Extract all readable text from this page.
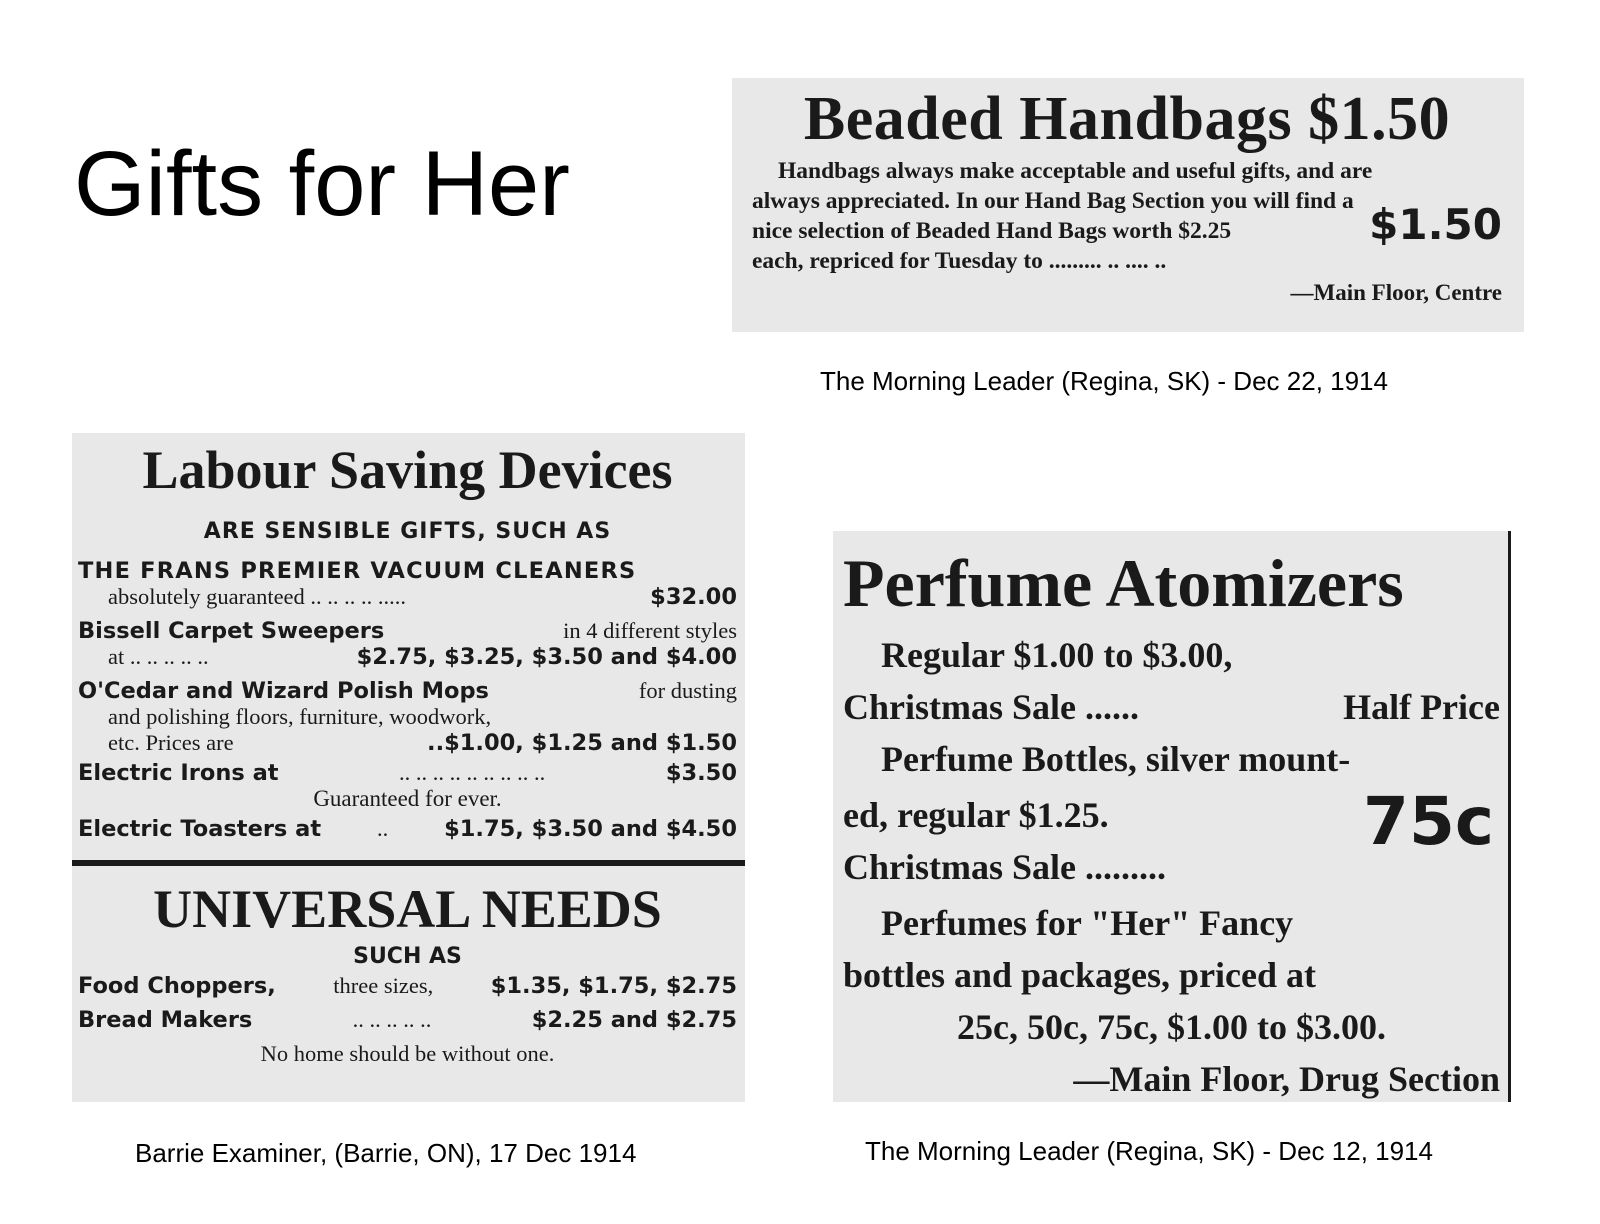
Gifts for Her
Beaded Handbags $1.50
Handbags always make acceptable and useful gifts, and are
always appreciated. In our Hand Bag Section you will find a
nice selection of Beaded Hand Bags worth $2.25
each, repriced for Tuesday to ......... .. .... ..
$1.50
—Main Floor, Centre
The Morning Leader (Regina, SK) - Dec 22, 1914
Labour Saving Devices
ARE SENSIBLE GIFTS, SUCH AS
THE FRANS PREMIER VACUUM CLEANERS
absolutely guaranteed .. .. .. .. .....	$32.00
Bissell Carpet Sweepers	in 4 different styles
at .. .. .. .. ..	$2.75, $3.25, $3.50 and $4.00
O'Cedar and Wizard Polish Mops	for dusting
and polishing floors, furniture, woodwork,
etc. Prices are	..$1.00, $1.25 and $1.50
Electric Irons at	.. .. .. .. .. .. .. .. ..	$3.50
Guaranteed for ever.
Electric Toasters at .. $1.75, $3.50 and $4.50
UNIVERSAL NEEDS
SUCH AS
Food Choppers,	three sizes,	$1.35, $1.75, $2.75
Bread Makers	.. .. .. .. ..	$2.25 and $2.75
No home should be without one.
Barrie Examiner, (Barrie, ON), 17 Dec 1914
Perfume Atomizers
Regular $1.00 to $3.00,
Christmas Sale ......	Half Price
Perfume Bottles, silver mount-
ed, regular $1.25.
Christmas Sale .........
75c
Perfumes for "Her" Fancy
bottles and packages, priced at
25c, 50c, 75c, $1.00 to $3.00.
—Main Floor, Drug Section
The Morning Leader (Regina, SK) - Dec 12, 1914
